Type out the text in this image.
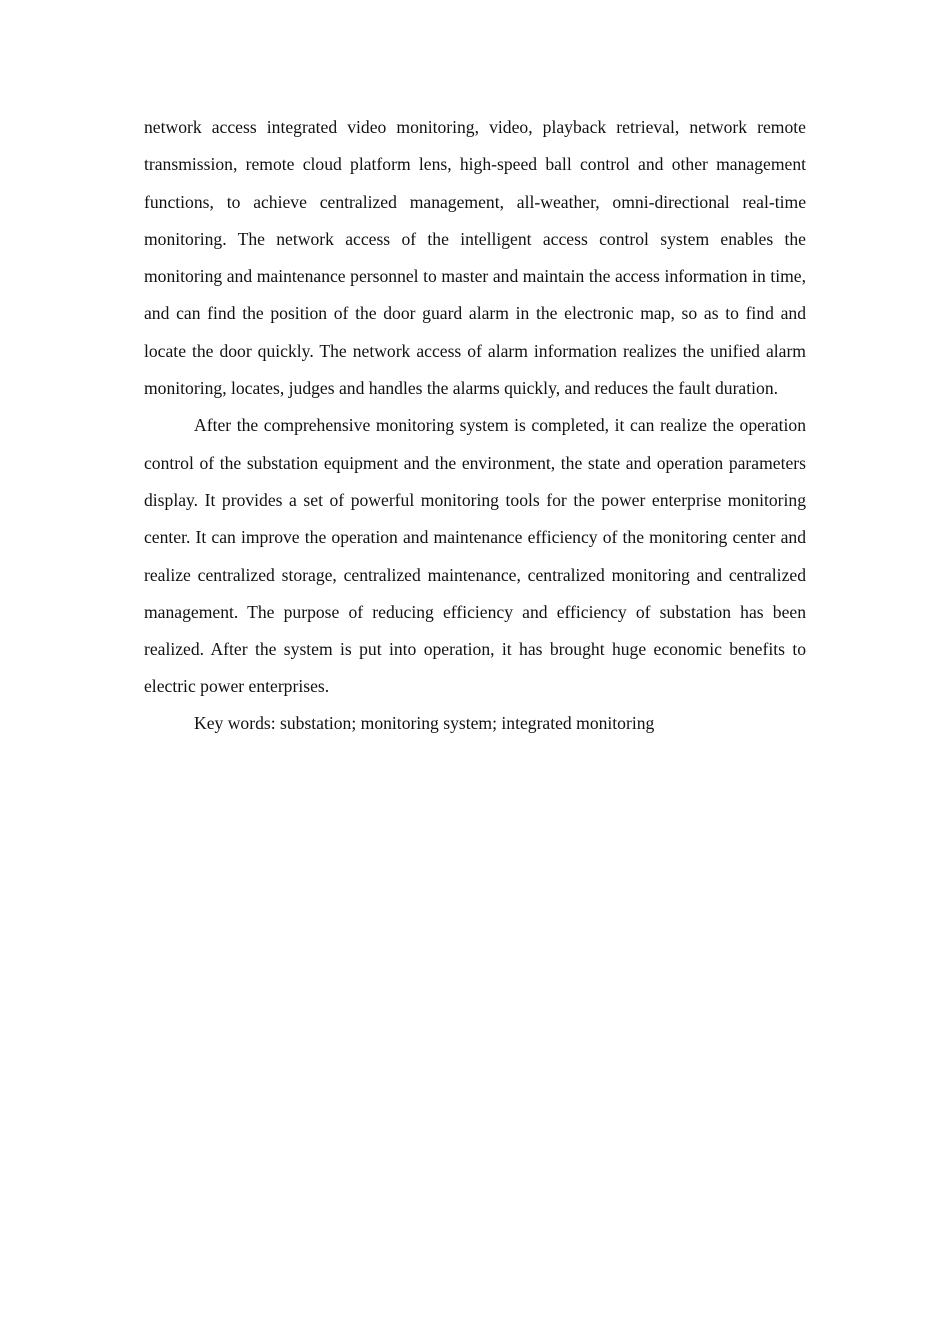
network access integrated video monitoring, video, playback retrieval, network remote transmission, remote cloud platform lens, high-speed ball control and other management functions, to achieve centralized management, all-weather, omni-directional real-time monitoring. The network access of the intelligent access control system enables the monitoring and maintenance personnel to master and maintain the access information in time, and can find the position of the door guard alarm in the electronic map, so as to find and locate the door quickly. The network access of alarm information realizes the unified alarm monitoring, locates, judges and handles the alarms quickly, and reduces the fault duration.

After the comprehensive monitoring system is completed, it can realize the operation control of the substation equipment and the environment, the state and operation parameters display. It provides a set of powerful monitoring tools for the power enterprise monitoring center. It can improve the operation and maintenance efficiency of the monitoring center and realize centralized storage, centralized maintenance, centralized monitoring and centralized management. The purpose of reducing efficiency and efficiency of substation has been realized. After the system is put into operation, it has brought huge economic benefits to electric power enterprises.

Key words: substation; monitoring system; integrated monitoring
